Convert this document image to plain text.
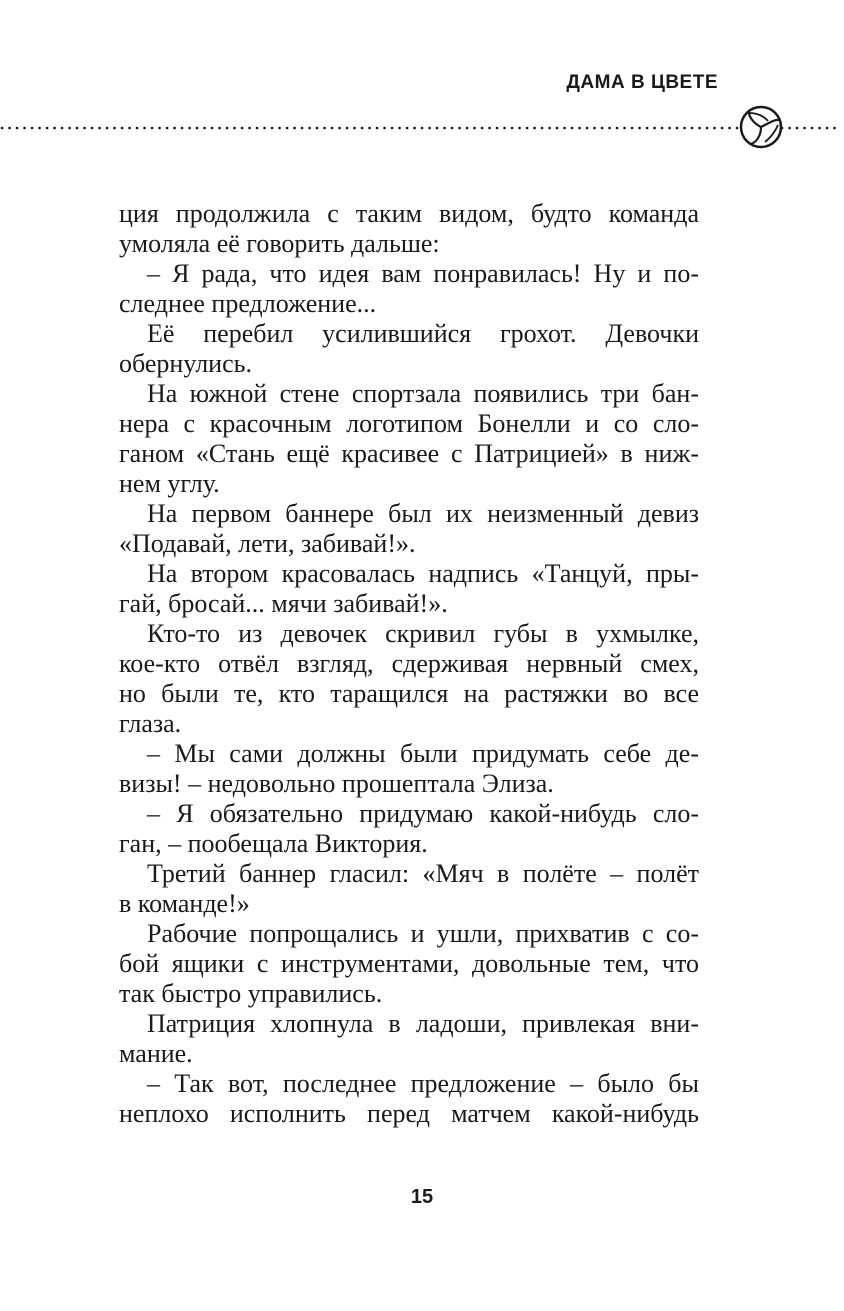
ДАМА В ЦВЕТЕ
ция продолжила с таким видом, будто команда
умоляла её говорить дальше:
– Я рада, что идея вам понравилась! Ну и по-
следнее предложение...
Её перебил усилившийся грохот. Девочки
обернулись.
На южной стене спортзала появились три бан-
нера с красочным логотипом Бонелли и со сло-
ганом «Стань ещё красивее с Патрицией» в ниж-
нем углу.
На первом баннере был их неизменный девиз
«Подавай, лети, забивай!».
На втором красовалась надпись «Танцуй, пры-
гай, бросай... мячи забивай!».
Кто-то из девочек скривил губы в ухмылке,
кое-кто отвёл взгляд, сдерживая нервный смех,
но были те, кто таращился на растяжки во все
глаза.
– Мы сами должны были придумать себе де-
визы! – недовольно прошептала Элиза.
– Я обязательно придумаю какой-нибудь сло-
ган, – пообещала Виктория.
Третий баннер гласил: «Мяч в полёте – полёт
в команде!»
Рабочие попрощались и ушли, прихватив с со-
бой ящики с инструментами, довольные тем, что
так быстро управились.
Патриция хлопнула в ладоши, привлекая вни-
мание.
– Так вот, последнее предложение – было бы
неплохо исполнить перед матчем какой-нибудь
15
